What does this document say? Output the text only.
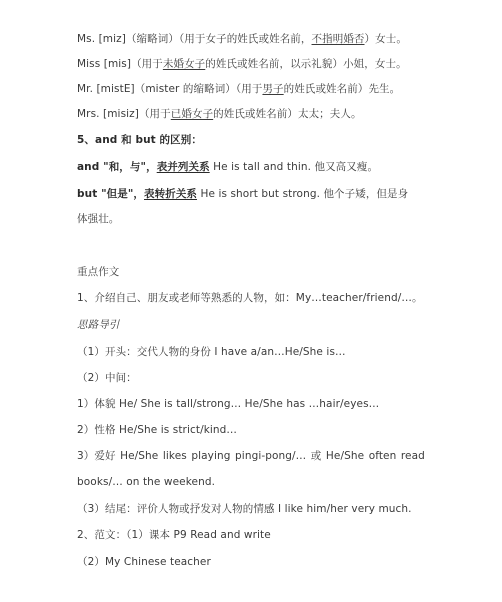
Ms. [miz]（缩略词）（用于女子的姓氏或姓名前，不指明婚否）女士。
Miss [mis]（用于未婚女子的姓氏或姓名前，以示礼貌）小姐，女士。
Mr. [mistE]（mister 的缩略词）（用于男子的姓氏或姓名前）先生。
Mrs. [misiz]（用于已婚女子的姓氏或姓名前）太太；夫人。
5、and 和 but 的区别：
and "和，与"，表并列关系 He is tall and thin. 他又高又瘦。
but "但是"，表转折关系 He is short but strong. 他个子矮，但是身
体强壮。
重点作文
1、介绍自己、朋友或老师等熟悉的人物，如：My…teacher/friend/…。
思路导引
（1）开头：交代人物的身份 I have a/an…He/She is…
（2）中间：
1）体貌 He/ She is tall/strong… He/She has …hair/eyes…
2）性格 He/She is strict/kind…
3）爱好 He/She likes playing pingi-pong/… 或 He/She often read
books/… on the weekend.
（3）结尾：评价人物或抒发对人物的情感 I like him/her very much.
2、范文：（1）课本 P9 Read and write
（2）My Chinese teacher
